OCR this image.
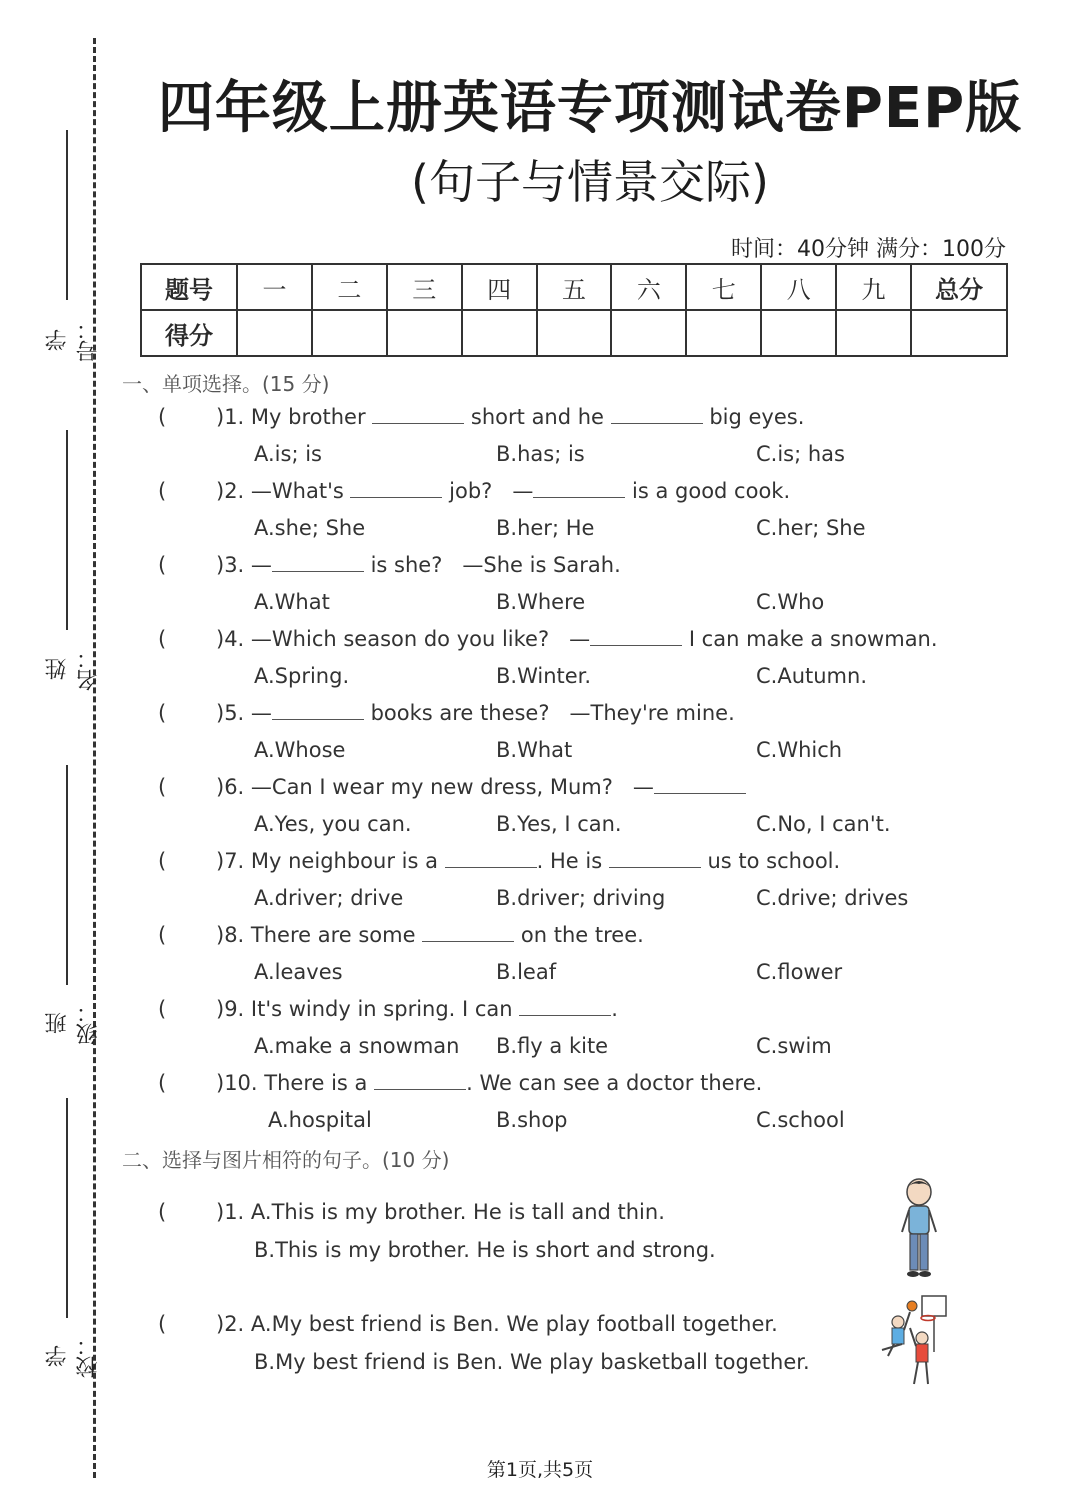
学号：
姓名：
班级：
学校：
四年级上册英语专项测试卷PEP版
(句子与情景交际)
时间：40分钟 满分：100分
题号	一	二	三	四	五	六	七	八	九	总分
得分										
一、单项选择。(15 分)
( )1. My brother	short and he	big eyes.
A.is; is	B.has; is	C.is; has
( )2. —What's	job?   —	is a good cook.
A.she; She	B.her; He	C.her; She
( )3. —	is she?   —She is Sarah.
A.What	B.Where	C.Who
( )4. —Which season do you like?   —	I can make a snowman.
A.Spring.	B.Winter.	C.Autumn.
( )5. —	books are these?   —They're mine.
A.Whose	B.What	C.Which
( )6. —Can I wear my new dress, Mum?   —
A.Yes, you can.	B.Yes, I can.	C.No, I can't.
( )7. My neighbour is a	. He is	us to school.
A.driver; drive	B.driver; driving	C.drive; drives
( )8. There are some	on the tree.
A.leaves	B.leaf	C.flower
( )9. It's windy in spring. I can	.
A.make a snowman B.fly a kite	C.swim
( )10. There is a	. We can see a doctor there.
A.hospital	B.shop	C.school
二、选择与图片相符的句子。(10 分)
( )1. A.This is my brother. He is tall and thin.
B.This is my brother. He is short and strong.
( )2. A.My best friend is Ben. We play football together.
B.My best friend is Ben. We play basketball together.
第1页,共5页
